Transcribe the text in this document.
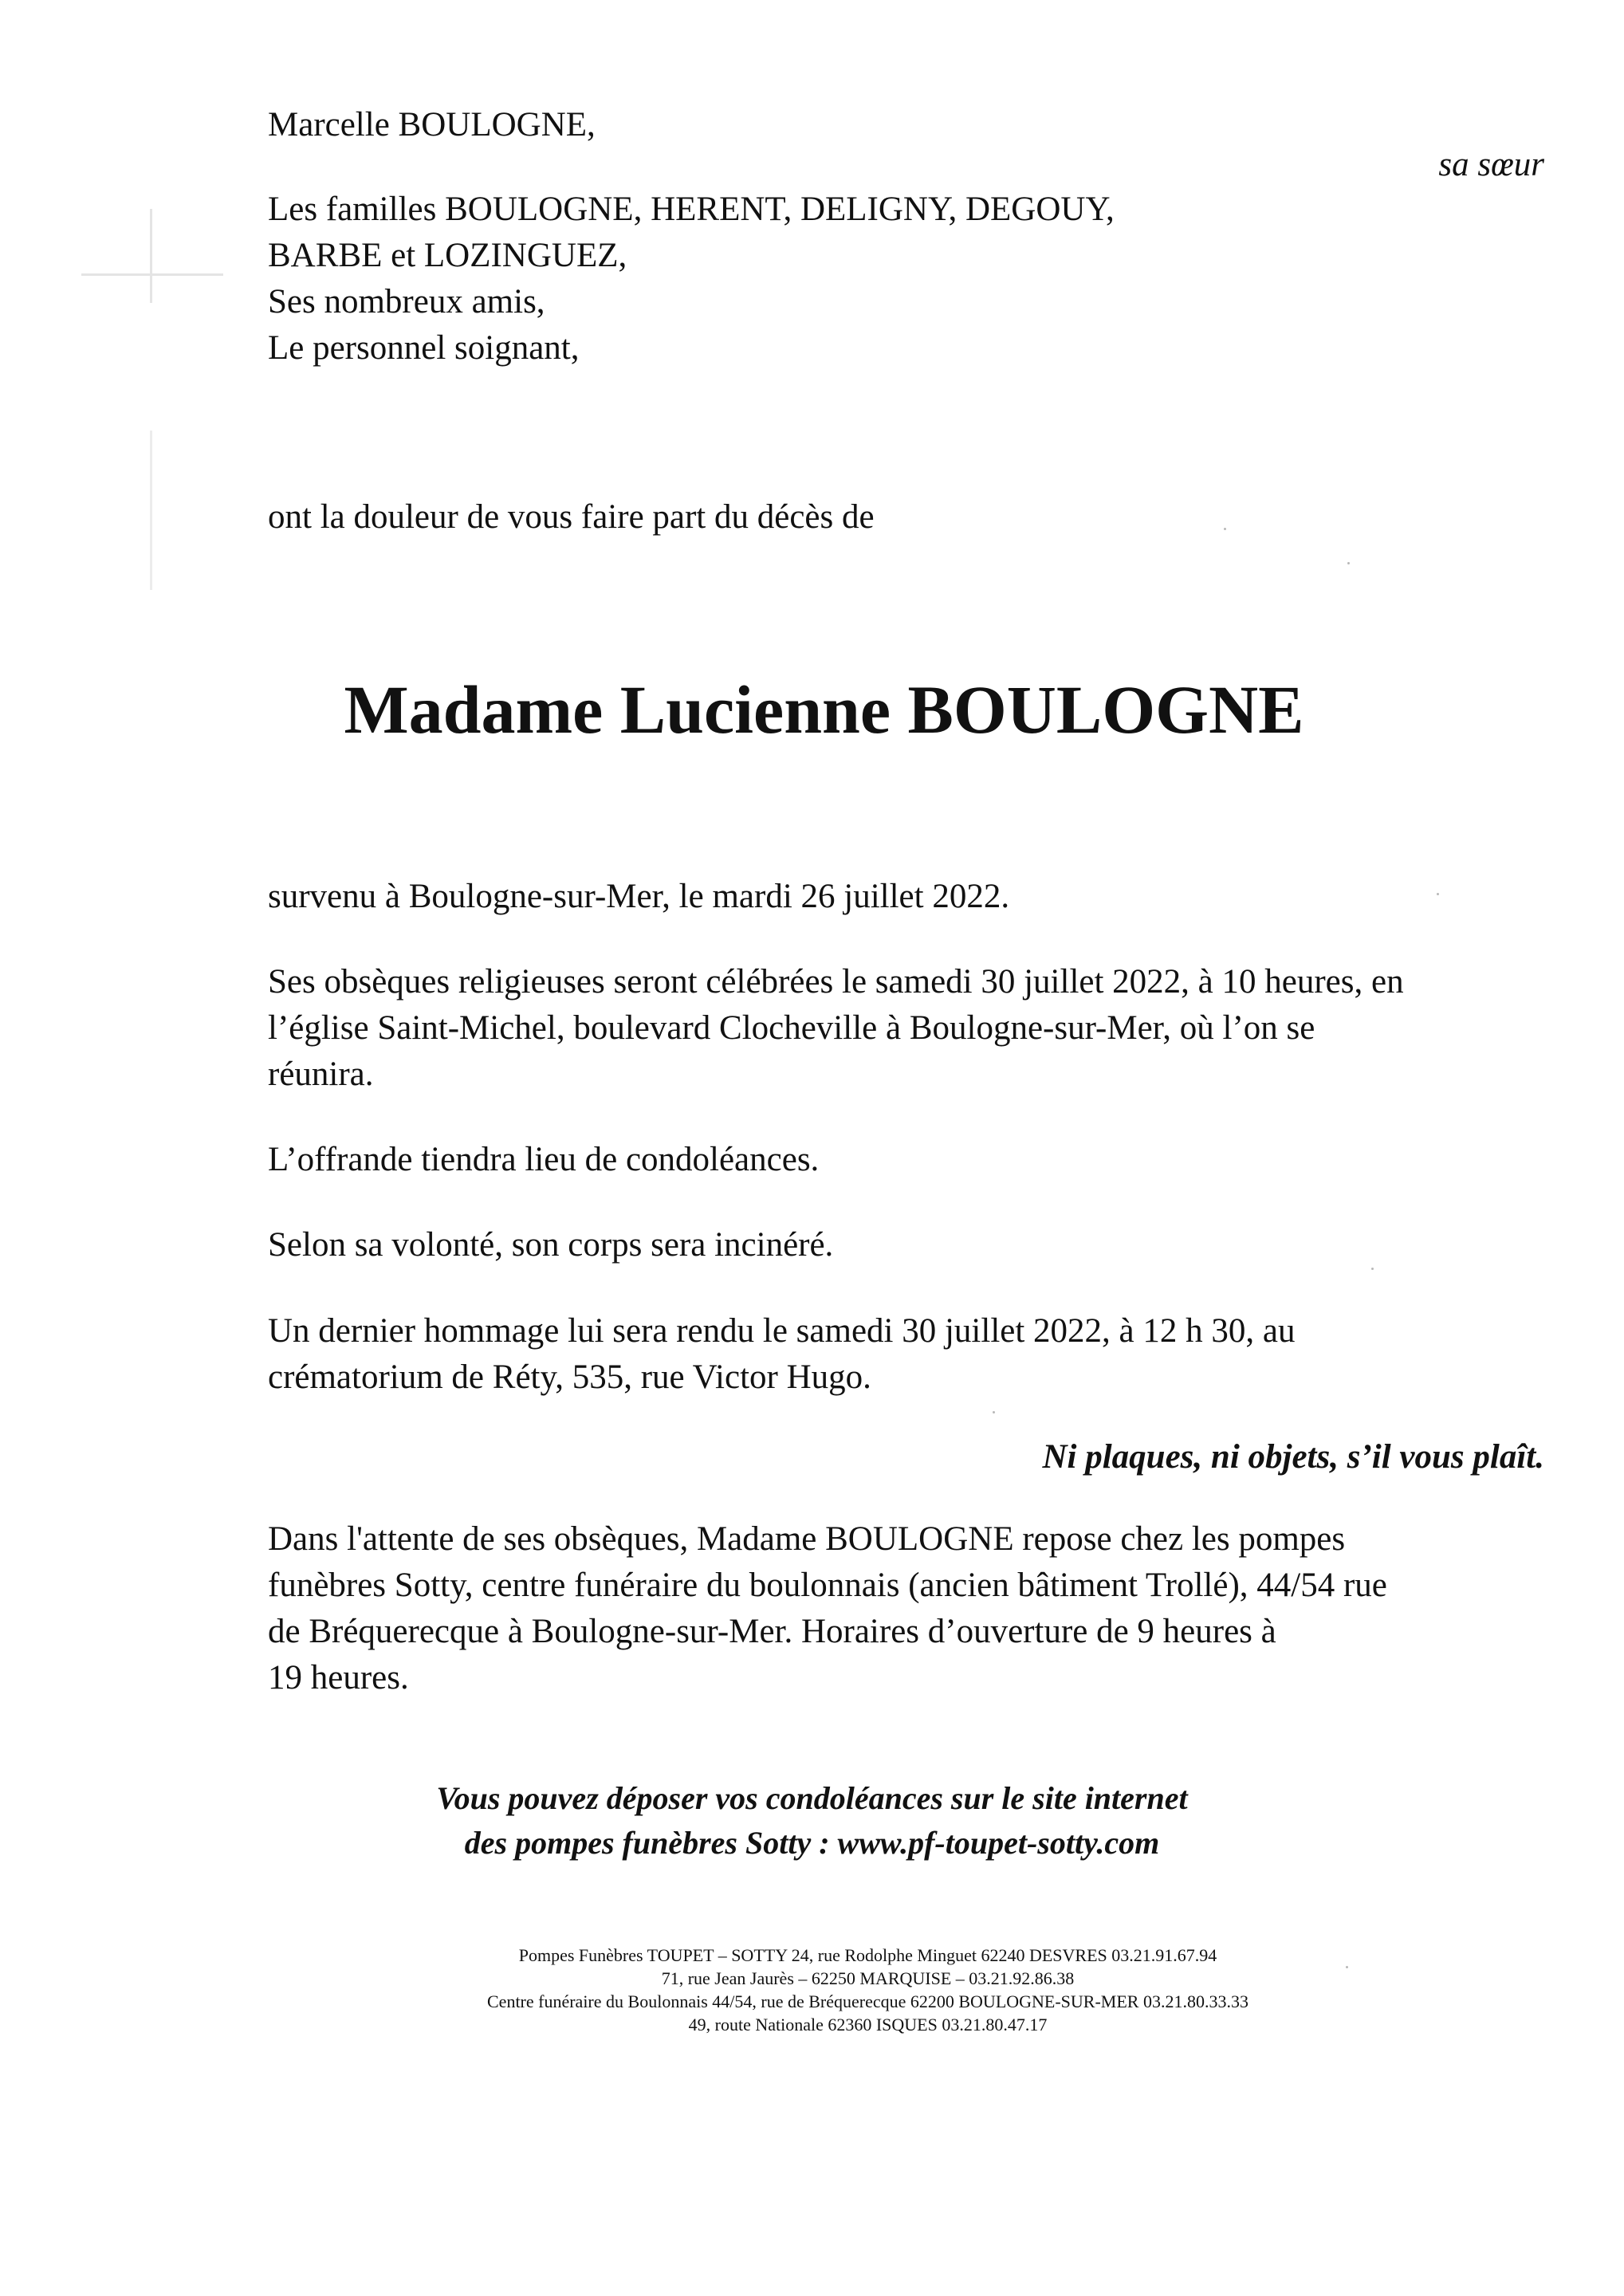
Marcelle BOULOGNE,
sa sœur
Les familles BOULOGNE, HERENT, DELIGNY, DEGOUY,
BARBE et LOZINGUEZ,
Ses nombreux amis,
Le personnel soignant,
ont la douleur de vous faire part du décès de
Madame Lucienne BOULOGNE
survenu à Boulogne-sur-Mer, le mardi 26 juillet 2022.
Ses obsèques religieuses seront célébrées le samedi 30 juillet 2022, à 10 heures, en
l’église Saint-Michel, boulevard Clocheville à Boulogne-sur-Mer, où l’on se
réunira.
L’offrande tiendra lieu de condoléances.
Selon sa volonté, son corps sera incinéré.
Un dernier hommage lui sera rendu le samedi 30 juillet 2022, à 12 h 30, au
crématorium de Réty, 535, rue Victor Hugo.
Ni plaques, ni objets, s’il vous plaît.
Dans l'attente de ses obsèques, Madame BOULOGNE repose chez les pompes
funèbres Sotty, centre funéraire du boulonnais (ancien bâtiment Trollé), 44/54 rue
de Bréquerecque à Boulogne-sur-Mer. Horaires d’ouverture de 9 heures à
19 heures.
Vous pouvez déposer vos condoléances sur le site internet
des pompes funèbres Sotty : www.pf-toupet-sotty.com
Pompes Funèbres TOUPET – SOTTY 24, rue Rodolphe Minguet 62240 DESVRES 03.21.91.67.94
71, rue Jean Jaurès – 62250 MARQUISE – 03.21.92.86.38
Centre funéraire du Boulonnais 44/54, rue de Bréquerecque 62200 BOULOGNE-SUR-MER 03.21.80.33.33
49, route Nationale 62360 ISQUES 03.21.80.47.17
